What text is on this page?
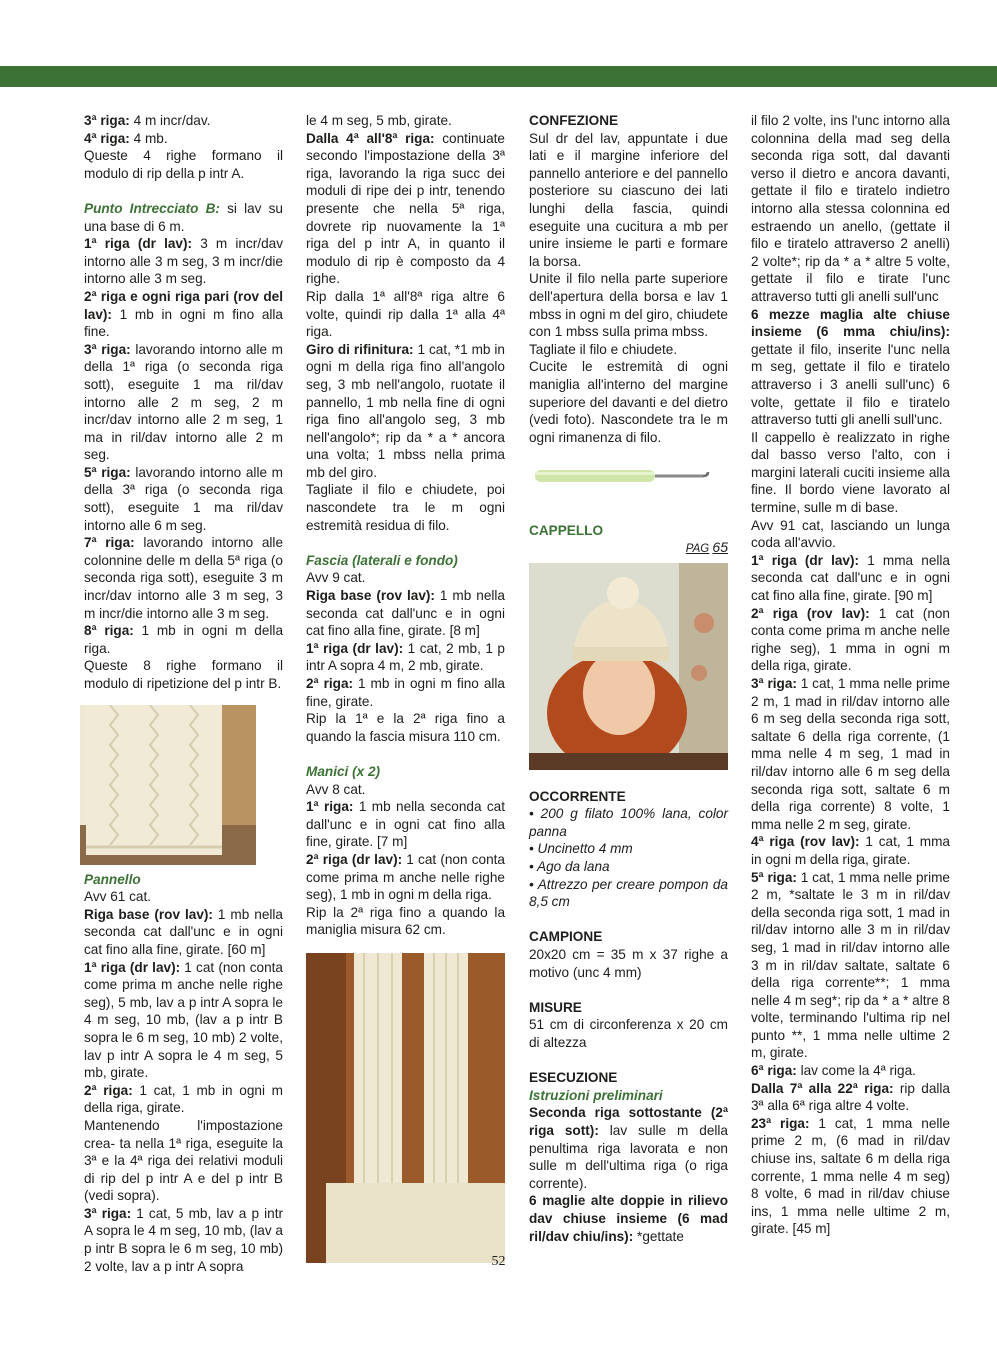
3ª riga: 4 m incr/dav.

4ª riga: 4 mb.

Queste 4 righe formano il modulo di rip della p intr A.

Punto Intrecciato B: si lav su una base di 6 m.

1ª riga (dr lav): 3 m incr/dav intorno alle 3 m seg, 3 m incr/die intorno alle 3 m seg.

2ª riga e ogni riga pari (rov del lav): 1 mb in ogni m fino alla fine.

3ª riga: lavorando intorno alle m della 1ª riga (o seconda riga sott), eseguite 1 ma ril/dav intorno alle 2 m seg, 2 m incr/dav intorno alle 2 m seg, 1 ma in ril/dav intorno alle 2 m seg.

5ª riga: lavorando intorno alle m della 3ª riga (o seconda riga sott), eseguite 1 ma ril/dav intorno alle 6 m seg.

7ª riga: lavorando intorno alle colonnine delle m della 5ª riga (o seconda riga sott), eseguite 3 m incr/dav intorno alle 3 m seg, 3 m incr/die intorno alle 3 m seg.

8ª riga: 1 mb in ogni m della riga.

Queste 8 righe formano il modulo di ripetizione del p intr B.

Pannello

Avv 61 cat.

Riga base (rov lav): 1 mb nella seconda cat dall'unc e in ogni cat fino alla fine, girate. [60 m]

1ª riga (dr lav): 1 cat (non conta come prima m anche nelle righe seg), 5 mb, lav a p intr A sopra le 4 m seg, 10 mb, (lav a p intr B sopra le 6 m seg, 10 mb) 2 volte, lav p intr A sopra le 4 m seg, 5 mb, girate.

2ª riga: 1 cat, 1 mb in ogni m della riga, girate.

Mantenendo l'impostazione crea- ta nella 1ª riga, eseguite la 3ª e la 4ª riga dei relativi moduli di rip del p intr A e del p intr B (vedi sopra).

3ª riga: 1 cat, 5 mb, lav a p intr A sopra le 4 m seg, 10 mb, (lav a p intr B sopra le 6 m seg, 10 mb) 2 volte, lav a p intr A sopra

le 4 m seg, 5 mb, girate.

Dalla 4ª all'8ª riga: continuate secondo l'impostazione della 3ª riga, lavorando la riga succ dei moduli di ripe dei p intr, tenendo presente che nella 5ª riga, dovrete rip nuovamente la 1ª riga del p intr A, in quanto il modulo di rip è composto da 4 righe.

Rip dalla 1ª all'8ª riga altre 6 volte, quindi rip dalla 1ª alla 4ª riga.

Giro di rifinitura: 1 cat, *1 mb in ogni m della riga fino all'angolo seg, 3 mb nell'angolo, ruotate il pannello, 1 mb nella fine di ogni riga fino all'angolo seg, 3 mb nell'angolo*; rip da * a * ancora una volta; 1 mbss nella prima mb del giro.

Tagliate il filo e chiudete, poi nascondete tra le m ogni estremità residua di filo.

Fascia (laterali e fondo)

Avv 9 cat.

Riga base (rov lav): 1 mb nella seconda cat dall'unc e in ogni cat fino alla fine, girate. [8 m]

1ª riga (dr lav): 1 cat, 2 mb, 1 p intr A sopra 4 m, 2 mb, girate.

2ª riga: 1 mb in ogni m fino alla fine, girate.

Rip la 1ª e la 2ª riga fino a quando la fascia misura 110 cm.

Manici (x 2)

Avv 8 cat.

1ª riga: 1 mb nella seconda cat dall'unc e in ogni cat fino alla fine, girate. [7 m]

2ª riga (dr lav): 1 cat (non conta come prima m anche nelle righe seg), 1 mb in ogni m della riga.

Rip la 2ª riga fino a quando la maniglia misura 62 cm.

CONFEZIONE

Sul dr del lav, appuntate i due lati e il margine inferiore del pannello anteriore e del pannello posteriore su ciascuno dei lati lunghi della fascia, quindi eseguite una cucitura a mb per unire insieme le parti e formare la borsa.

Unite il filo nella parte superiore dell'apertura della borsa e lav 1 mbss in ogni m del giro, chiudete con 1 mbss sulla prima mbss.

Tagliate il filo e chiudete.

Cucite le estremità di ogni maniglia all'interno del margine superiore del davanti e del dietro (vedi foto). Nascondete tra le m ogni rimanenza di filo.

CAPPELLO

PAG 65

OCCORRENTE

• 200 g filato 100% lana, color panna

• Uncinetto 4 mm

• Ago da lana

• Attrezzo per creare pompon da 8,5 cm

CAMPIONE

20x20 cm = 35 m x 37 righe a motivo (unc 4 mm)

MISURE

51 cm di circonferenza x 20 cm di altezza

ESECUZIONE

Istruzioni preliminari

Seconda riga sottostante (2ª riga sott): lav sulle m della penultima riga lavorata e non sulle m dell'ultima riga (o riga corrente).

6 maglie alte doppie in rilievo dav chiuse insieme (6 mad ril/dav chiu/ins): *gettate

il filo 2 volte, ins l'unc intorno alla colonnina della mad seg della seconda riga sott, dal davanti verso il dietro e ancora davanti, gettate il filo e tiratelo indietro intorno alla stessa colonnina ed estraendo un anello, (gettate il filo e tiratelo attraverso 2 anelli) 2 volte*; rip da * a * altre 5 volte, gettate il filo e tirate l'unc attraverso tutti gli anelli sull'unc

6 mezze maglia alte chiuse insieme (6 mma chiu/ins): gettate il filo, inserite l'unc nella m seg, gettate il filo e tiratelo attraverso i 3 anelli sull'unc) 6 volte, gettate il filo e tiratelo attraverso tutti gli anelli sull'unc.

Il cappello è realizzato in righe dal basso verso l'alto, con i margini laterali cuciti insieme alla fine. Il bordo viene lavorato al termine, sulle m di base.

Avv 91 cat, lasciando un lunga coda all'avvio.

1ª riga (dr lav): 1 mma nella seconda cat dall'unc e in ogni cat fino alla fine, girate. [90 m]

2ª riga (rov lav): 1 cat (non conta come prima m anche nelle righe seg), 1 mma in ogni m della riga, girate.

3ª riga: 1 cat, 1 mma nelle prime 2 m, 1 mad in ril/dav intorno alle 6 m seg della seconda riga sott, saltate 6 della riga corrente, (1 mma nelle 4 m seg, 1 mad in ril/dav intorno alle 6 m seg della seconda riga sott, saltate 6 m della riga corrente) 8 volte, 1 mma nelle 2 m seg, girate.

4ª riga (rov lav): 1 cat, 1 mma in ogni m della riga, girate.

5ª riga: 1 cat, 1 mma nelle prime 2 m, *saltate le 3 m in ril/dav della seconda riga sott, 1 mad in ril/dav intorno alle 3 m in ril/dav seg, 1 mad in ril/dav intorno alle 3 m in ril/dav saltate, saltate 6 della riga corrente**; 1 mma nelle 4 m seg*; rip da * a * altre 8 volte, terminando l'ultima rip nel punto **, 1 mma nelle ultime 2 m, girate.

6ª riga: lav come la 4ª riga.

Dalla 7ª alla 22ª riga: rip dalla 3ª alla 6ª riga altre 4 volte.

23ª riga: 1 cat, 1 mma nelle prime 2 m, (6 mad in ril/dav chiuse ins, saltate 6 m della riga corrente, 1 mma nelle 4 m seg) 8 volte, 6 mad in ril/dav chiuse ins, 1 mma nelle ultime 2 m, girate. [45 m]

52
